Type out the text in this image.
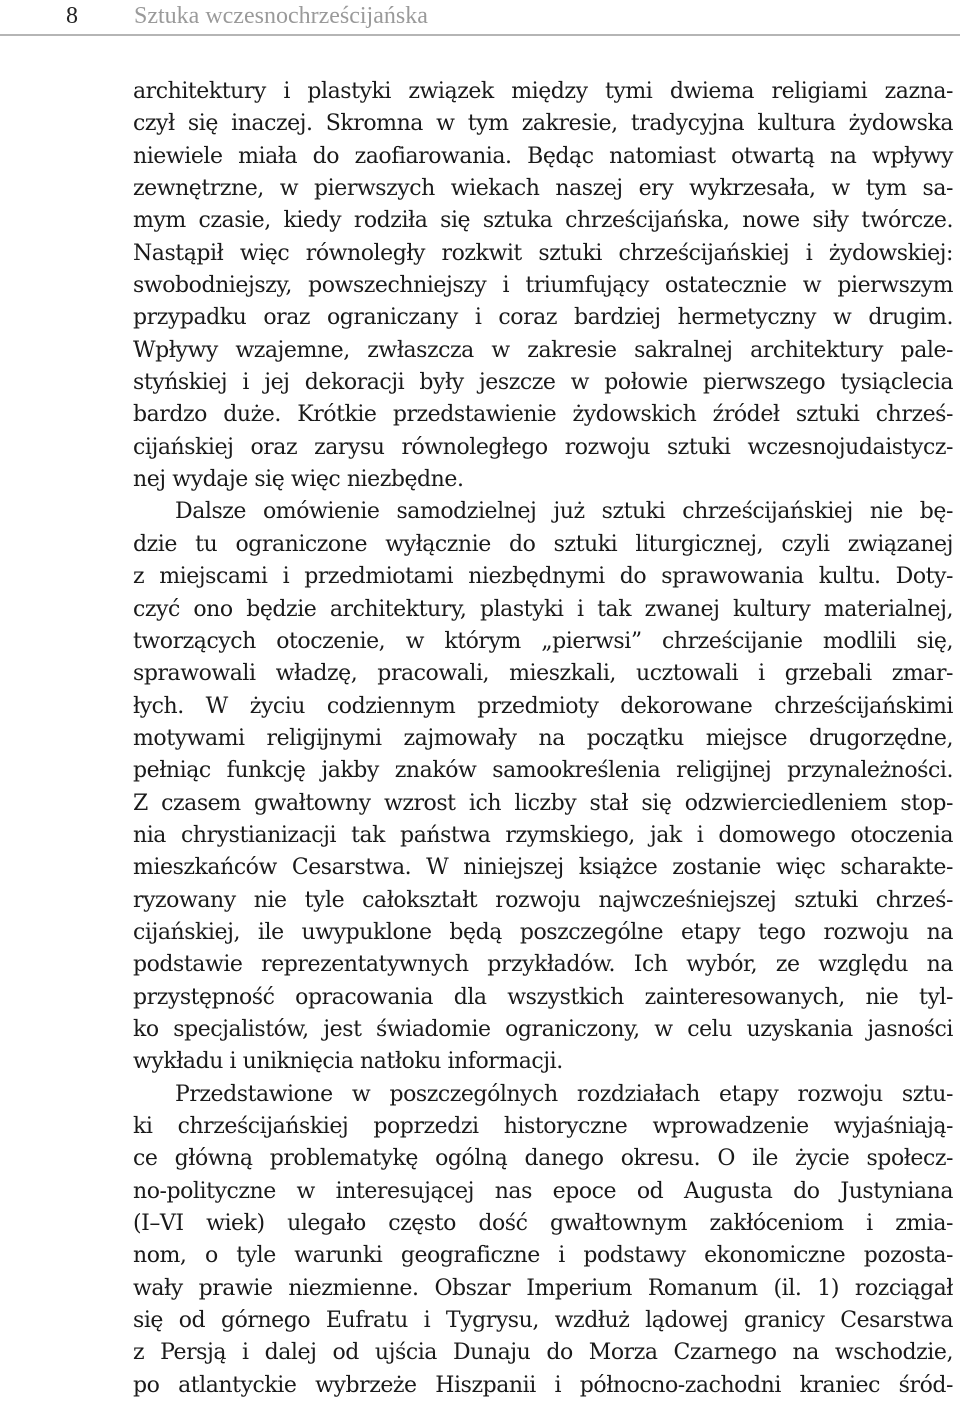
8 Sztuka wczesnochrześcijańska
architektury i plastyki związek między tymi dwiema religiami zazna-
czył się inaczej. Skromna w tym zakresie, tradycyjna kultura żydowska
niewiele miała do zaofiarowania. Będąc natomiast otwartą na wpływy
zewnętrzne, w pierwszych wiekach naszej ery wykrzesała, w tym sa-
mym czasie, kiedy rodziła się sztuka chrześcijańska, nowe siły twórcze.
Nastąpił więc równoległy rozkwit sztuki chrześcijańskiej i żydowskiej:
swobodniejszy, powszechniejszy i triumfujący ostatecznie w pierwszym
przypadku oraz ograniczany i coraz bardziej hermetyczny w drugim.
Wpływy wzajemne, zwłaszcza w zakresie sakralnej architektury pale-
styńskiej i jej dekoracji były jeszcze w połowie pierwszego tysiąclecia
bardzo duże. Krótkie przedstawienie żydowskich źródeł sztuki chrześ-
cijańskiej oraz zarysu równoległego rozwoju sztuki wczesnojudaistycz-
nej wydaje się więc niezbędne.
Dalsze omówienie samodzielnej już sztuki chrześcijańskiej nie bę-
dzie tu ograniczone wyłącznie do sztuki liturgicznej, czyli związanej
z miejscami i przedmiotami niezbędnymi do sprawowania kultu. Doty-
czyć ono będzie architektury, plastyki i tak zwanej kultury materialnej,
tworzących otoczenie, w którym „pierwsi” chrześcijanie modlili się,
sprawowali władzę, pracowali, mieszkali, ucztowali i grzebali zmar-
łych. W życiu codziennym przedmioty dekorowane chrześcijańskimi
motywami religijnymi zajmowały na początku miejsce drugorzędne,
pełniąc funkcję jakby znaków samookreślenia religijnej przynależności.
Z czasem gwałtowny wzrost ich liczby stał się odzwierciedleniem stop-
nia chrystianizacji tak państwa rzymskiego, jak i domowego otoczenia
mieszkańców Cesarstwa. W niniejszej książce zostanie więc scharakte-
ryzowany nie tyle całokształt rozwoju najwcześniejszej sztuki chrześ-
cijańskiej, ile uwypuklone będą poszczególne etapy tego rozwoju na
podstawie reprezentatywnych przykładów. Ich wybór, ze względu na
przystępność opracowania dla wszystkich zainteresowanych, nie tyl-
ko specjalistów, jest świadomie ograniczony, w celu uzyskania jasności
wykładu i uniknięcia natłoku informacji.
Przedstawione w poszczególnych rozdziałach etapy rozwoju sztu-
ki chrześcijańskiej poprzedzi historyczne wprowadzenie wyjaśniają-
ce główną problematykę ogólną danego okresu. O ile życie społecz-
no-polityczne w interesującej nas epoce od Augusta do Justyniana
(I–VI wiek) ulegało często dość gwałtownym zakłóceniom i zmia-
nom, o tyle warunki geograficzne i podstawy ekonomiczne pozosta-
wały prawie niezmienne. Obszar Imperium Romanum (il. 1) rozciągał
się od górnego Eufratu i Tygrysu, wzdłuż lądowej granicy Cesarstwa
z Persją i dalej od ujścia Dunaju do Morza Czarnego na wschodzie,
po atlantyckie wybrzeże Hiszpanii i północno-zachodni kraniec śród-
